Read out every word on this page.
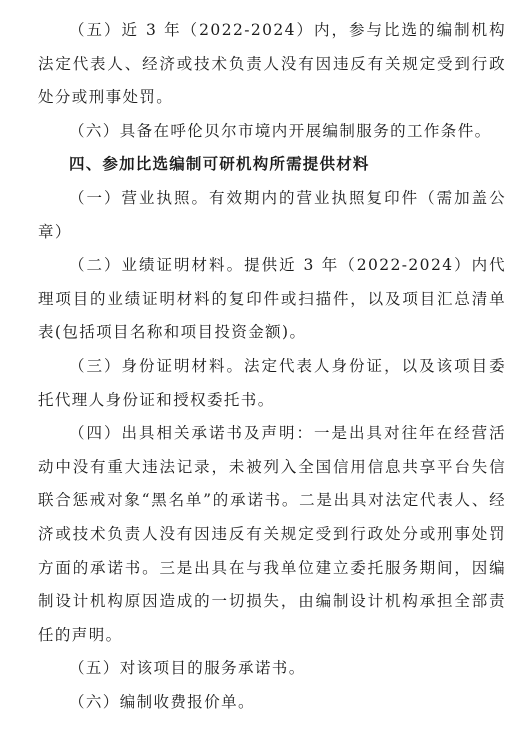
（五）近 3 年（2022-2024）内，参与比选的编制机构法定代表人、经济或技术负责人没有因违反有关规定受到行政处分或刑事处罚。

（六）具备在呼伦贝尔市境内开展编制服务的工作条件。

四、参加比选编制可研机构所需提供材料

（一）营业执照。有效期内的营业执照复印件（需加盖公章）

（二）业绩证明材料。提供近 3 年（2022-2024）内代理项目的业绩证明材料的复印件或扫描件，以及项目汇总清单表(包括项目名称和项目投资金额)。

（三）身份证明材料。法定代表人身份证，以及该项目委托代理人身份证和授权委托书。

（四）出具相关承诺书及声明：一是出具对往年在经营活动中没有重大违法记录，未被列入全国信用信息共享平台失信联合惩戒对象“黑名单”的承诺书。二是出具对法定代表人、经济或技术负责人没有因违反有关规定受到行政处分或刑事处罚方面的承诺书。三是出具在与我单位建立委托服务期间，因编制设计机构原因造成的一切损失，由编制设计机构承担全部责任的声明。

（五）对该项目的服务承诺书。

（六）编制收费报价单。
